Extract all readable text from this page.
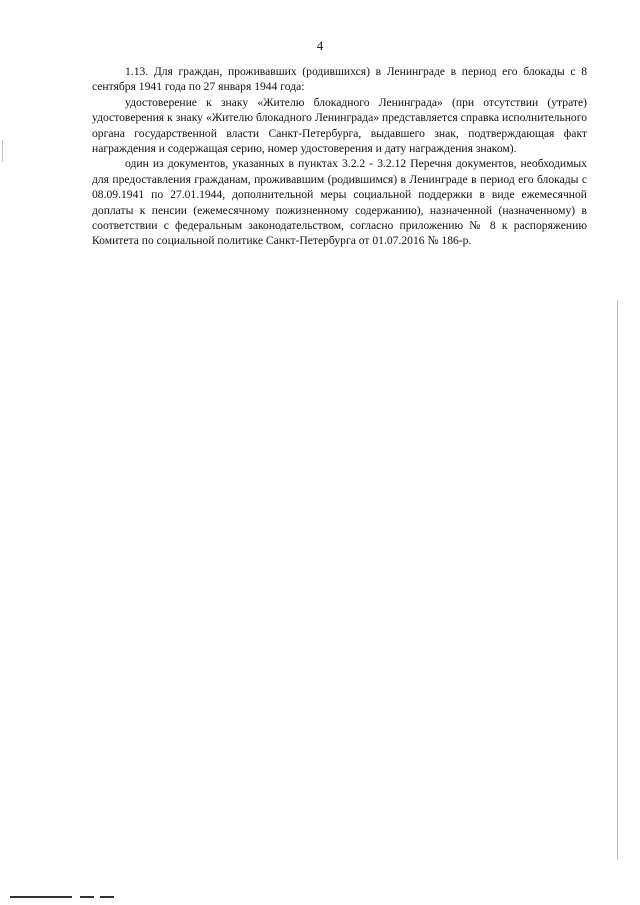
4

1.13. Для граждан, проживавших (родившихся) в Ленинграде в период его блокады с 8 сентября 1941 года по 27 января 1944 года:

удостоверение к знаку «Жителю блокадного Ленинграда» (при отсутствии (утрате) удостоверения к знаку «Жителю блокадного Ленинграда» представляется справка исполнительного органа государственной власти Санкт-Петербурга, выдавшего знак, подтверждающая факт награждения и содержащая серию, номер удостоверения и дату награждения знаком).

один из документов, указанных в пунктах 3.2.2 - 3.2.12 Перечня документов, необходимых для предоставления гражданам, проживавшим (родившимся) в Ленинграде в период его блокады с 08.09.1941 по 27.01.1944, дополнительной меры социальной поддержки в виде ежемесячной доплаты к пенсии (ежемесячному пожизненному содержанию), назначенной (назначенному) в соответствии с федеральным законодательством, согласно приложению № 8 к распоряжению Комитета по социальной политике Санкт-Петербурга от 01.07.2016 № 186-р.
